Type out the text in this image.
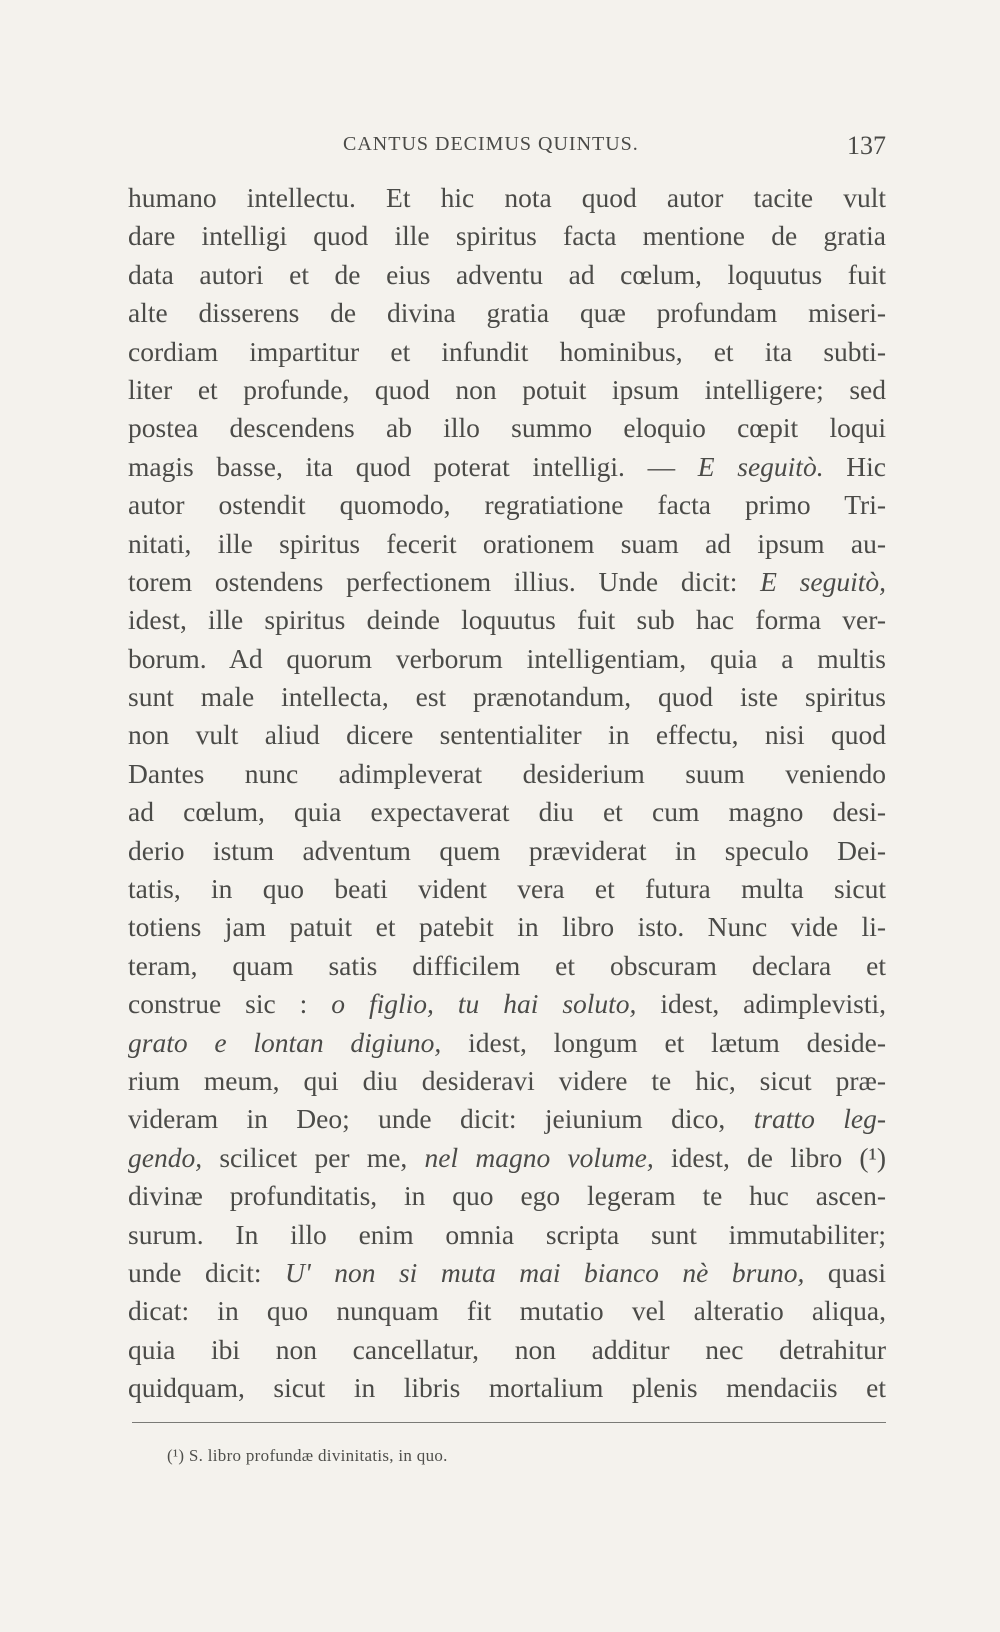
CANTUS DECIMUS QUINTUS.	137
humano intellectu. Et hic nota quod autor tacite vult
dare intelligi quod ille spiritus facta mentione de gratia
data autori et de eius adventu ad cœlum, loquutus fuit
alte disserens de divina gratia quæ profundam miseri-
cordiam impartitur et infundit hominibus, et ita subti-
liter et profunde, quod non potuit ipsum intelligere; sed
postea descendens ab illo summo eloquio cœpit loqui
magis basse, ita quod poterat intelligi. — E seguitò. Hic
autor ostendit quomodo, regratiatione facta primo Tri-
nitati, ille spiritus fecerit orationem suam ad ipsum au-
torem ostendens perfectionem illius. Unde dicit: E seguitò,
idest, ille spiritus deinde loquutus fuit sub hac forma ver-
borum. Ad quorum verborum intelligentiam, quia a multis
sunt male intellecta, est prænotandum, quod iste spiritus
non vult aliud dicere sententialiter in effectu, nisi quod
Dantes nunc adimpleverat desiderium suum veniendo
ad cœlum, quia expectaverat diu et cum magno desi-
derio istum adventum quem præviderat in speculo Dei-
tatis, in quo beati vident vera et futura multa sicut
totiens jam patuit et patebit in libro isto. Nunc vide li-
teram, quam satis difficilem et obscuram declara et
construe sic : o figlio, tu hai soluto, idest, adimplevisti,
grato e lontan digiuno, idest, longum et lætum deside-
rium meum, qui diu desideravi videre te hic, sicut præ-
videram in Deo; unde dicit: jeiunium dico, tratto leg-
gendo, scilicet per me, nel magno volume, idest, de libro (¹)
divinæ profunditatis, in quo ego legeram te huc ascen-
surum. In illo enim omnia scripta sunt immutabiliter;
unde dicit: U' non si muta mai bianco nè bruno, quasi
dicat: in quo nunquam fit mutatio vel alteratio aliqua,
quia ibi non cancellatur, non additur nec detrahitur
quidquam, sicut in libris mortalium plenis mendaciis et
(¹) S. libro profundæ divinitatis, in quo.
